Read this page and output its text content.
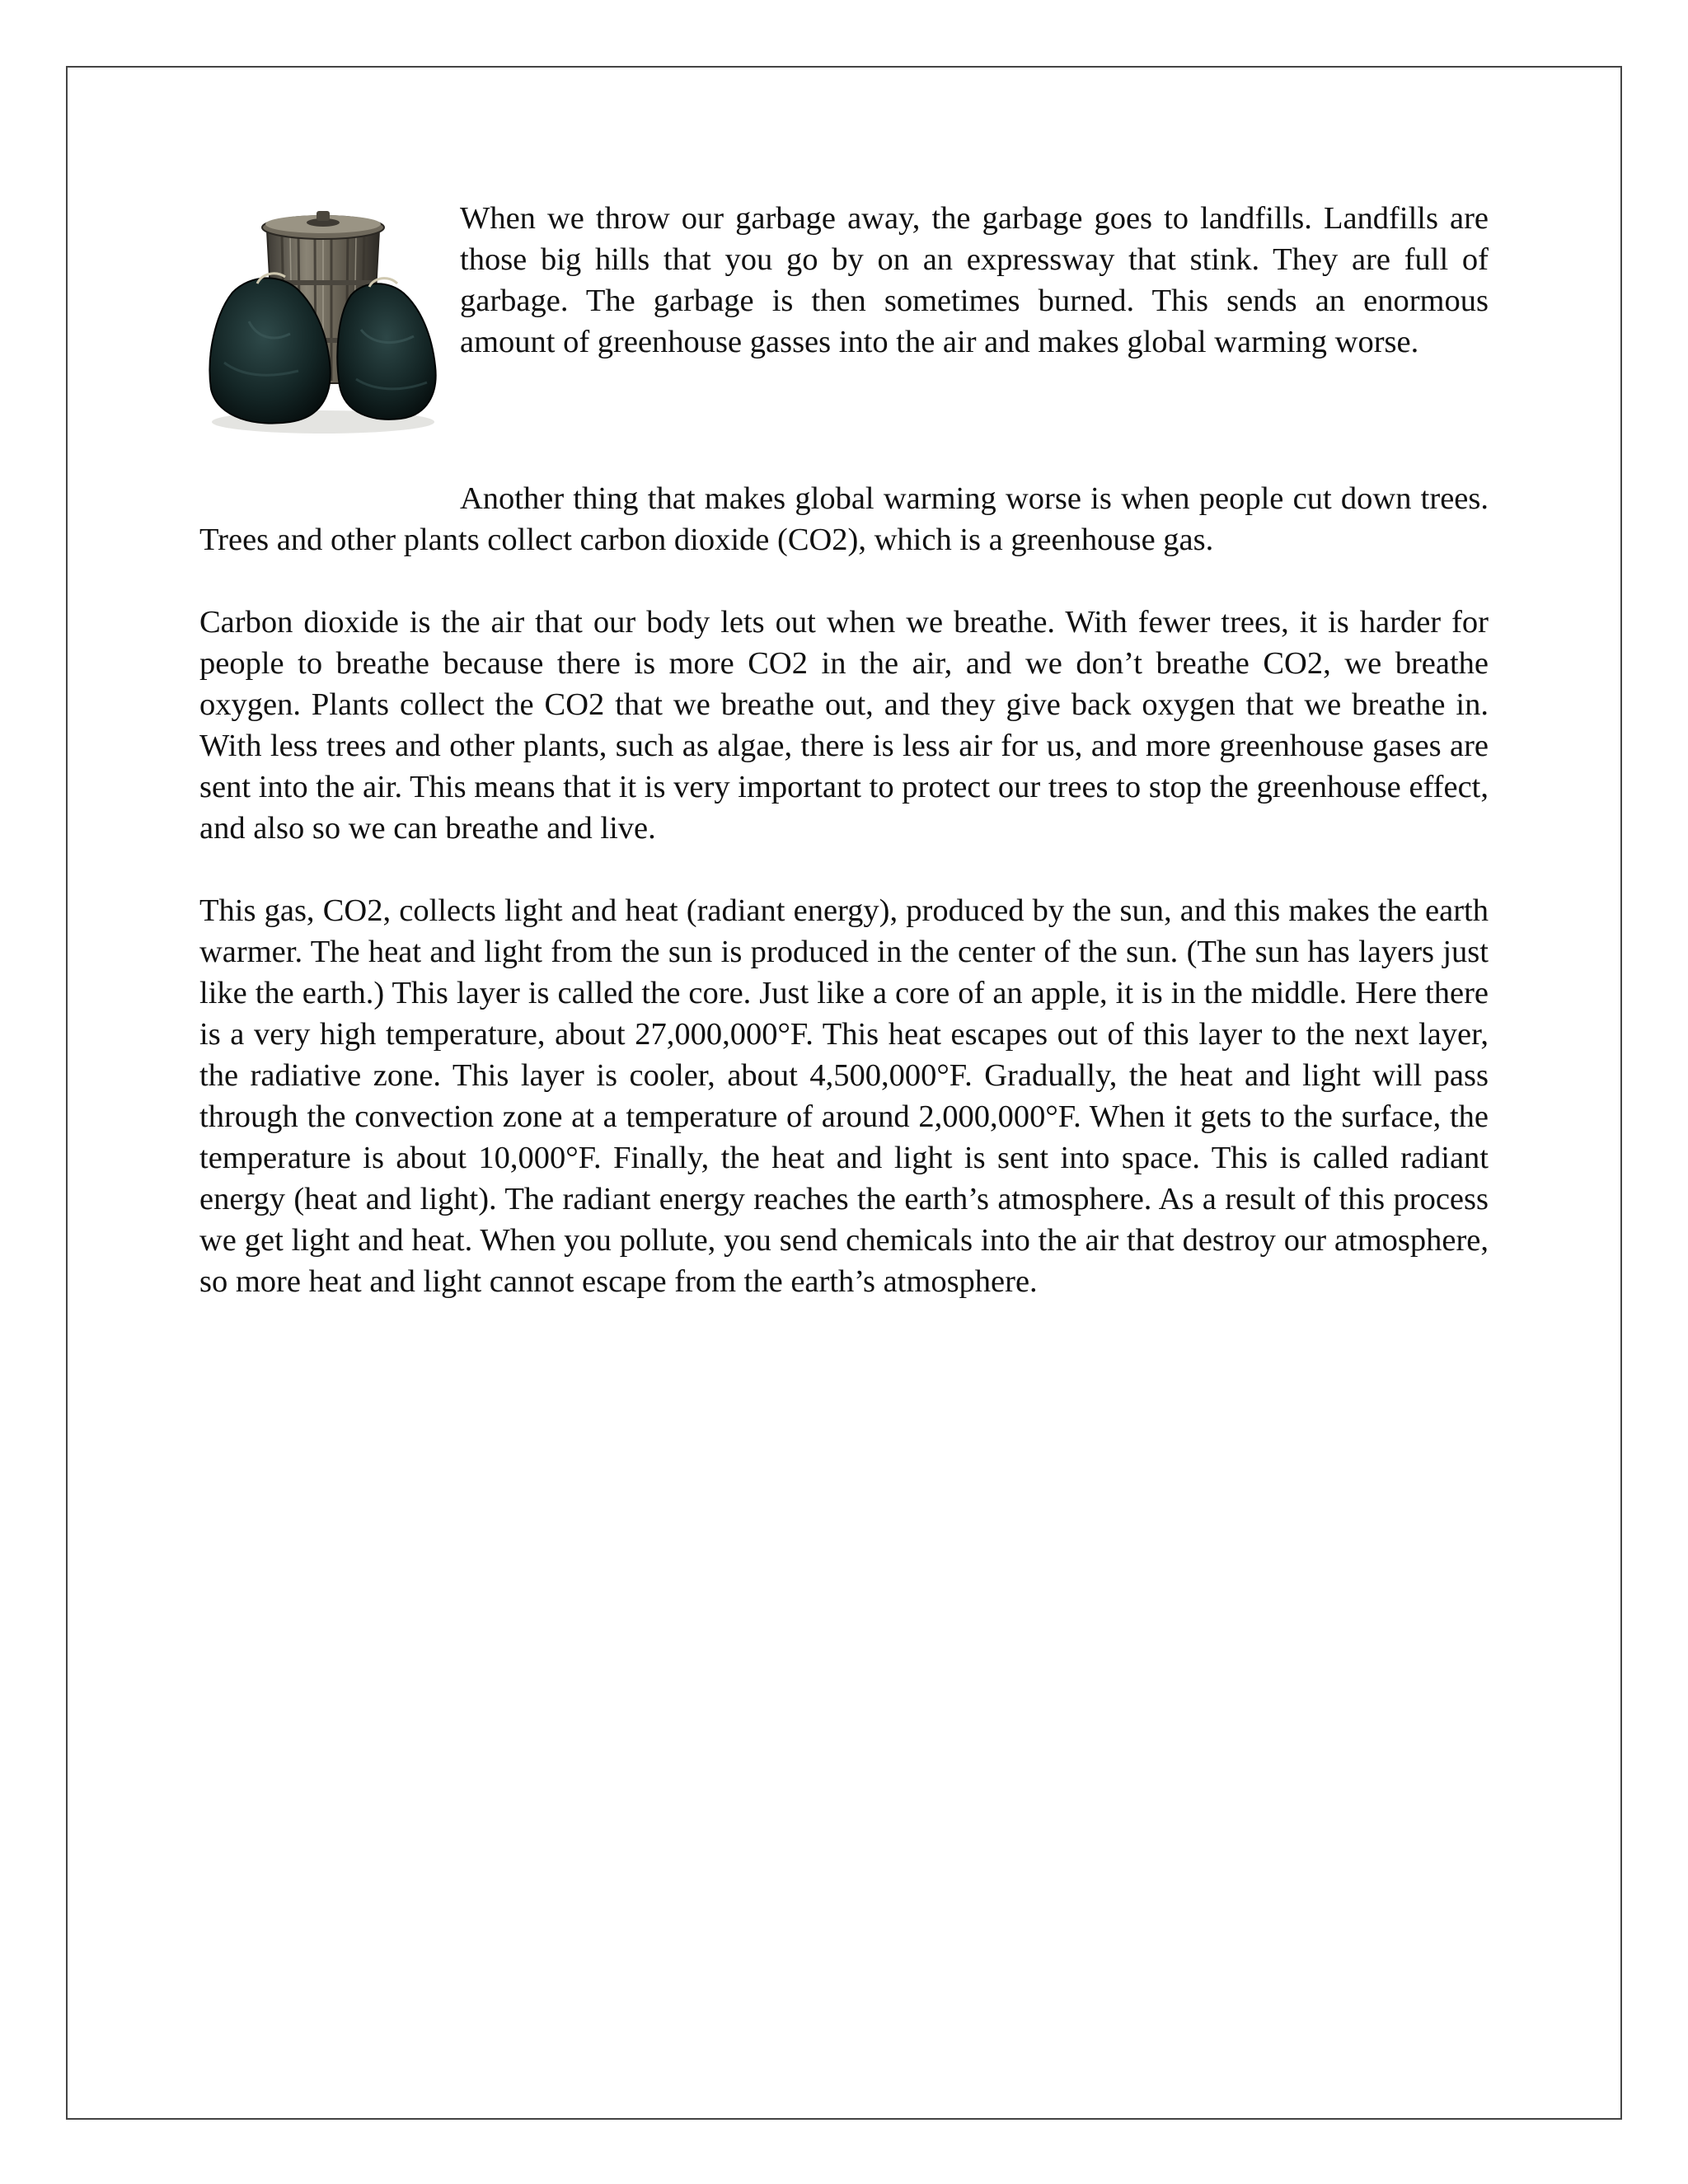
When we throw our garbage away, the garbage goes to landfills. Landfills are those big hills that you go by on an expressway that stink. They are full of garbage. The garbage is then sometimes burned. This sends an enormous amount of greenhouse gasses into the air and makes global warming worse.

Another thing that makes global warming worse is when people cut down trees. Trees and other plants collect carbon dioxide (CO2), which is a greenhouse gas.

Carbon dioxide is the air that our body lets out when we breathe. With fewer trees, it is harder for people to breathe because there is more CO2 in the air, and we don’t breathe CO2, we breathe oxygen. Plants collect the CO2 that we breathe out, and they give back oxygen that we breathe in. With less trees and other plants, such as algae, there is less air for us, and more greenhouse gases are sent into the air. This means that it is very important to protect our trees to stop the greenhouse effect, and also so we can breathe and live.

This gas, CO2, collects light and heat (radiant energy), produced by the sun, and this makes the earth warmer. The heat and light from the sun is produced in the center of the sun. (The sun has layers just like the earth.) This layer is called the core. Just like a core of an apple, it is in the middle. Here there is a very high temperature, about 27,000,000°F. This heat escapes out of this layer to the next layer, the radiative zone. This layer is cooler, about 4,500,000°F. Gradually, the heat and light will pass through the convection zone at a temperature of around 2,000,000°F. When it gets to the surface, the temperature is about 10,000°F. Finally, the heat and light is sent into space. This is called radiant energy (heat and light). The radiant energy reaches the earth’s atmosphere. As a result of this process we get light and heat. When you pollute, you send chemicals into the air that destroy our atmosphere, so more heat and light cannot escape from the earth’s atmosphere.
